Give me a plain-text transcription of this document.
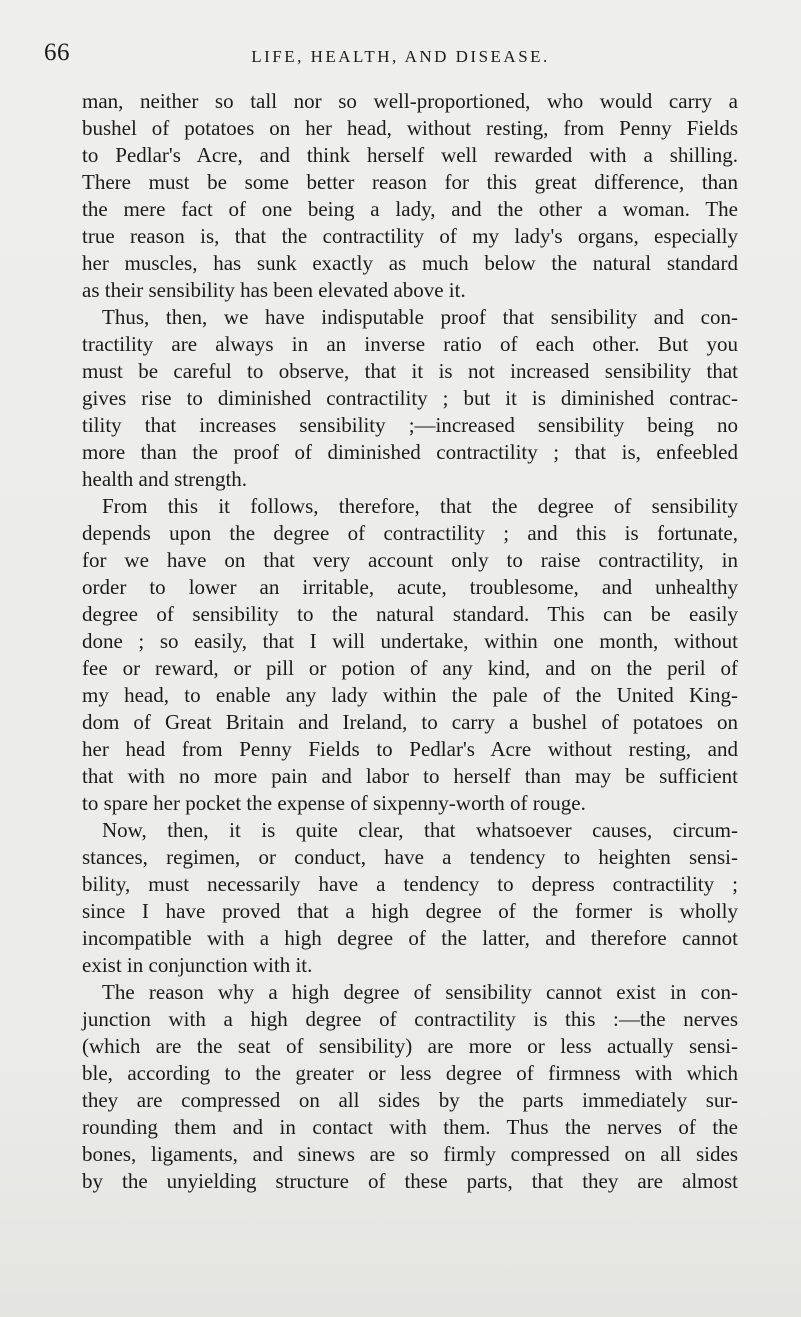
66	LIFE, HEALTH, AND DISEASE.
man, neither so tall nor so well-proportioned, who would carry a
bushel of potatoes on her head, without resting, from Penny Fields
to Pedlar's Acre, and think herself well rewarded with a shilling.
There must be some better reason for this great difference, than
the mere fact of one being a lady, and the other a woman. The
true reason is, that the contractility of my lady's organs, especially
her muscles, has sunk exactly as much below the natural standard
as their sensibility has been elevated above it.
Thus, then, we have indisputable proof that sensibility and con-
tractility are always in an inverse ratio of each other. But you
must be careful to observe, that it is not increased sensibility that
gives rise to diminished contractility ; but it is diminished contrac-
tility that increases sensibility ;—increased sensibility being no
more than the proof of diminished contractility ; that is, enfeebled
health and strength.
From this it follows, therefore, that the degree of sensibility
depends upon the degree of contractility ; and this is fortunate,
for we have on that very account only to raise contractility, in
order to lower an irritable, acute, troublesome, and unhealthy
degree of sensibility to the natural standard. This can be easily
done ; so easily, that I will undertake, within one month, without
fee or reward, or pill or potion of any kind, and on the peril of
my head, to enable any lady within the pale of the United King-
dom of Great Britain and Ireland, to carry a bushel of potatoes on
her head from Penny Fields to Pedlar's Acre without resting, and
that with no more pain and labor to herself than may be sufficient
to spare her pocket the expense of sixpenny-worth of rouge.
Now, then, it is quite clear, that whatsoever causes, circum-
stances, regimen, or conduct, have a tendency to heighten sensi-
bility, must necessarily have a tendency to depress contractility ;
since I have proved that a high degree of the former is wholly
incompatible with a high degree of the latter, and therefore cannot
exist in conjunction with it.
The reason why a high degree of sensibility cannot exist in con-
junction with a high degree of contractility is this :—the nerves
(which are the seat of sensibility) are more or less actually sensi-
ble, according to the greater or less degree of firmness with which
they are compressed on all sides by the parts immediately sur-
rounding them and in contact with them. Thus the nerves of the
bones, ligaments, and sinews are so firmly compressed on all sides
by the unyielding structure of these parts, that they are almost
